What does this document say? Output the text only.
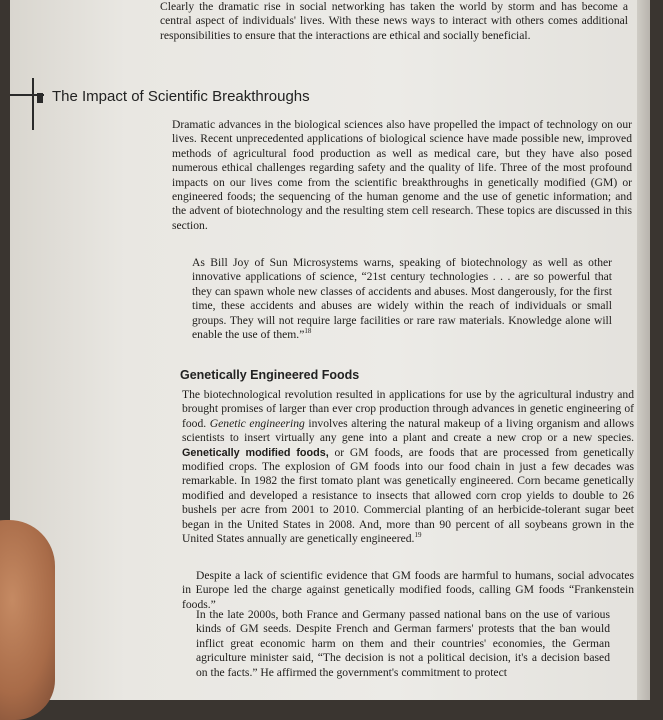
Clearly the dramatic rise in social networking has taken the world by storm and has become a central aspect of individuals' lives. With these news ways to interact with others comes additional responsibilities to ensure that the interactions are ethical and socially beneficial.

The Impact of Scientific Breakthroughs

Dramatic advances in the biological sciences also have propelled the impact of technology on our lives. Recent unprecedented applications of biological science have made possible new, improved methods of agricultural food production as well as medical care, but they have also posed numerous ethical challenges regarding safety and the quality of life. Three of the most profound impacts on our lives come from the scientific breakthroughs in genetically modified (GM) or engineered foods; the sequencing of the human genome and the use of genetic information; and the advent of biotechnology and the resulting stem cell research. These topics are discussed in this section.

As Bill Joy of Sun Microsystems warns, speaking of biotechnology as well as other innovative applications of science, “21st century technologies . . . are so powerful that they can spawn whole new classes of accidents and abuses. Most dangerously, for the first time, these accidents and abuses are widely within the reach of individuals or small groups. They will not require large facilities or rare raw materials. Knowledge alone will enable the use of them.”$^{18}$

Genetically Engineered Foods

The biotechnological revolution resulted in applications for use by the agricultural industry and brought promises of larger than ever crop production through advances in genetic engineering of food. Genetic engineering involves altering the natural makeup of a living organism and allows scientists to insert virtually any gene into a plant and create a new crop or a new species. Genetically modified foods, or GM foods, are foods that are processed from genetically modified crops. The explosion of GM foods into our food chain in just a few decades was remarkable. In 1982 the first tomato plant was genetically engineered. Corn became genetically modified and developed a resistance to insects that allowed corn crop yields to double to 26 bushels per acre from 2001 to 2010. Commercial planting of an herbicide-tolerant sugar beet began in the United States in 2008. And, more than 90 percent of all soybeans grown in the United States annually are genetically engineered.$^{19}$

Despite a lack of scientific evidence that GM foods are harmful to humans, social advocates in Europe led the charge against genetically modified foods, calling GM foods “Frankenstein foods.”

In the late 2000s, both France and Germany passed national bans on the use of various kinds of GM seeds. Despite French and German farmers' protests that the ban would inflict great economic harm on them and their countries' economies, the German agriculture minister said, “The decision is not a political decision, it's a decision based on the facts.” He affirmed the government's commitment to protect
